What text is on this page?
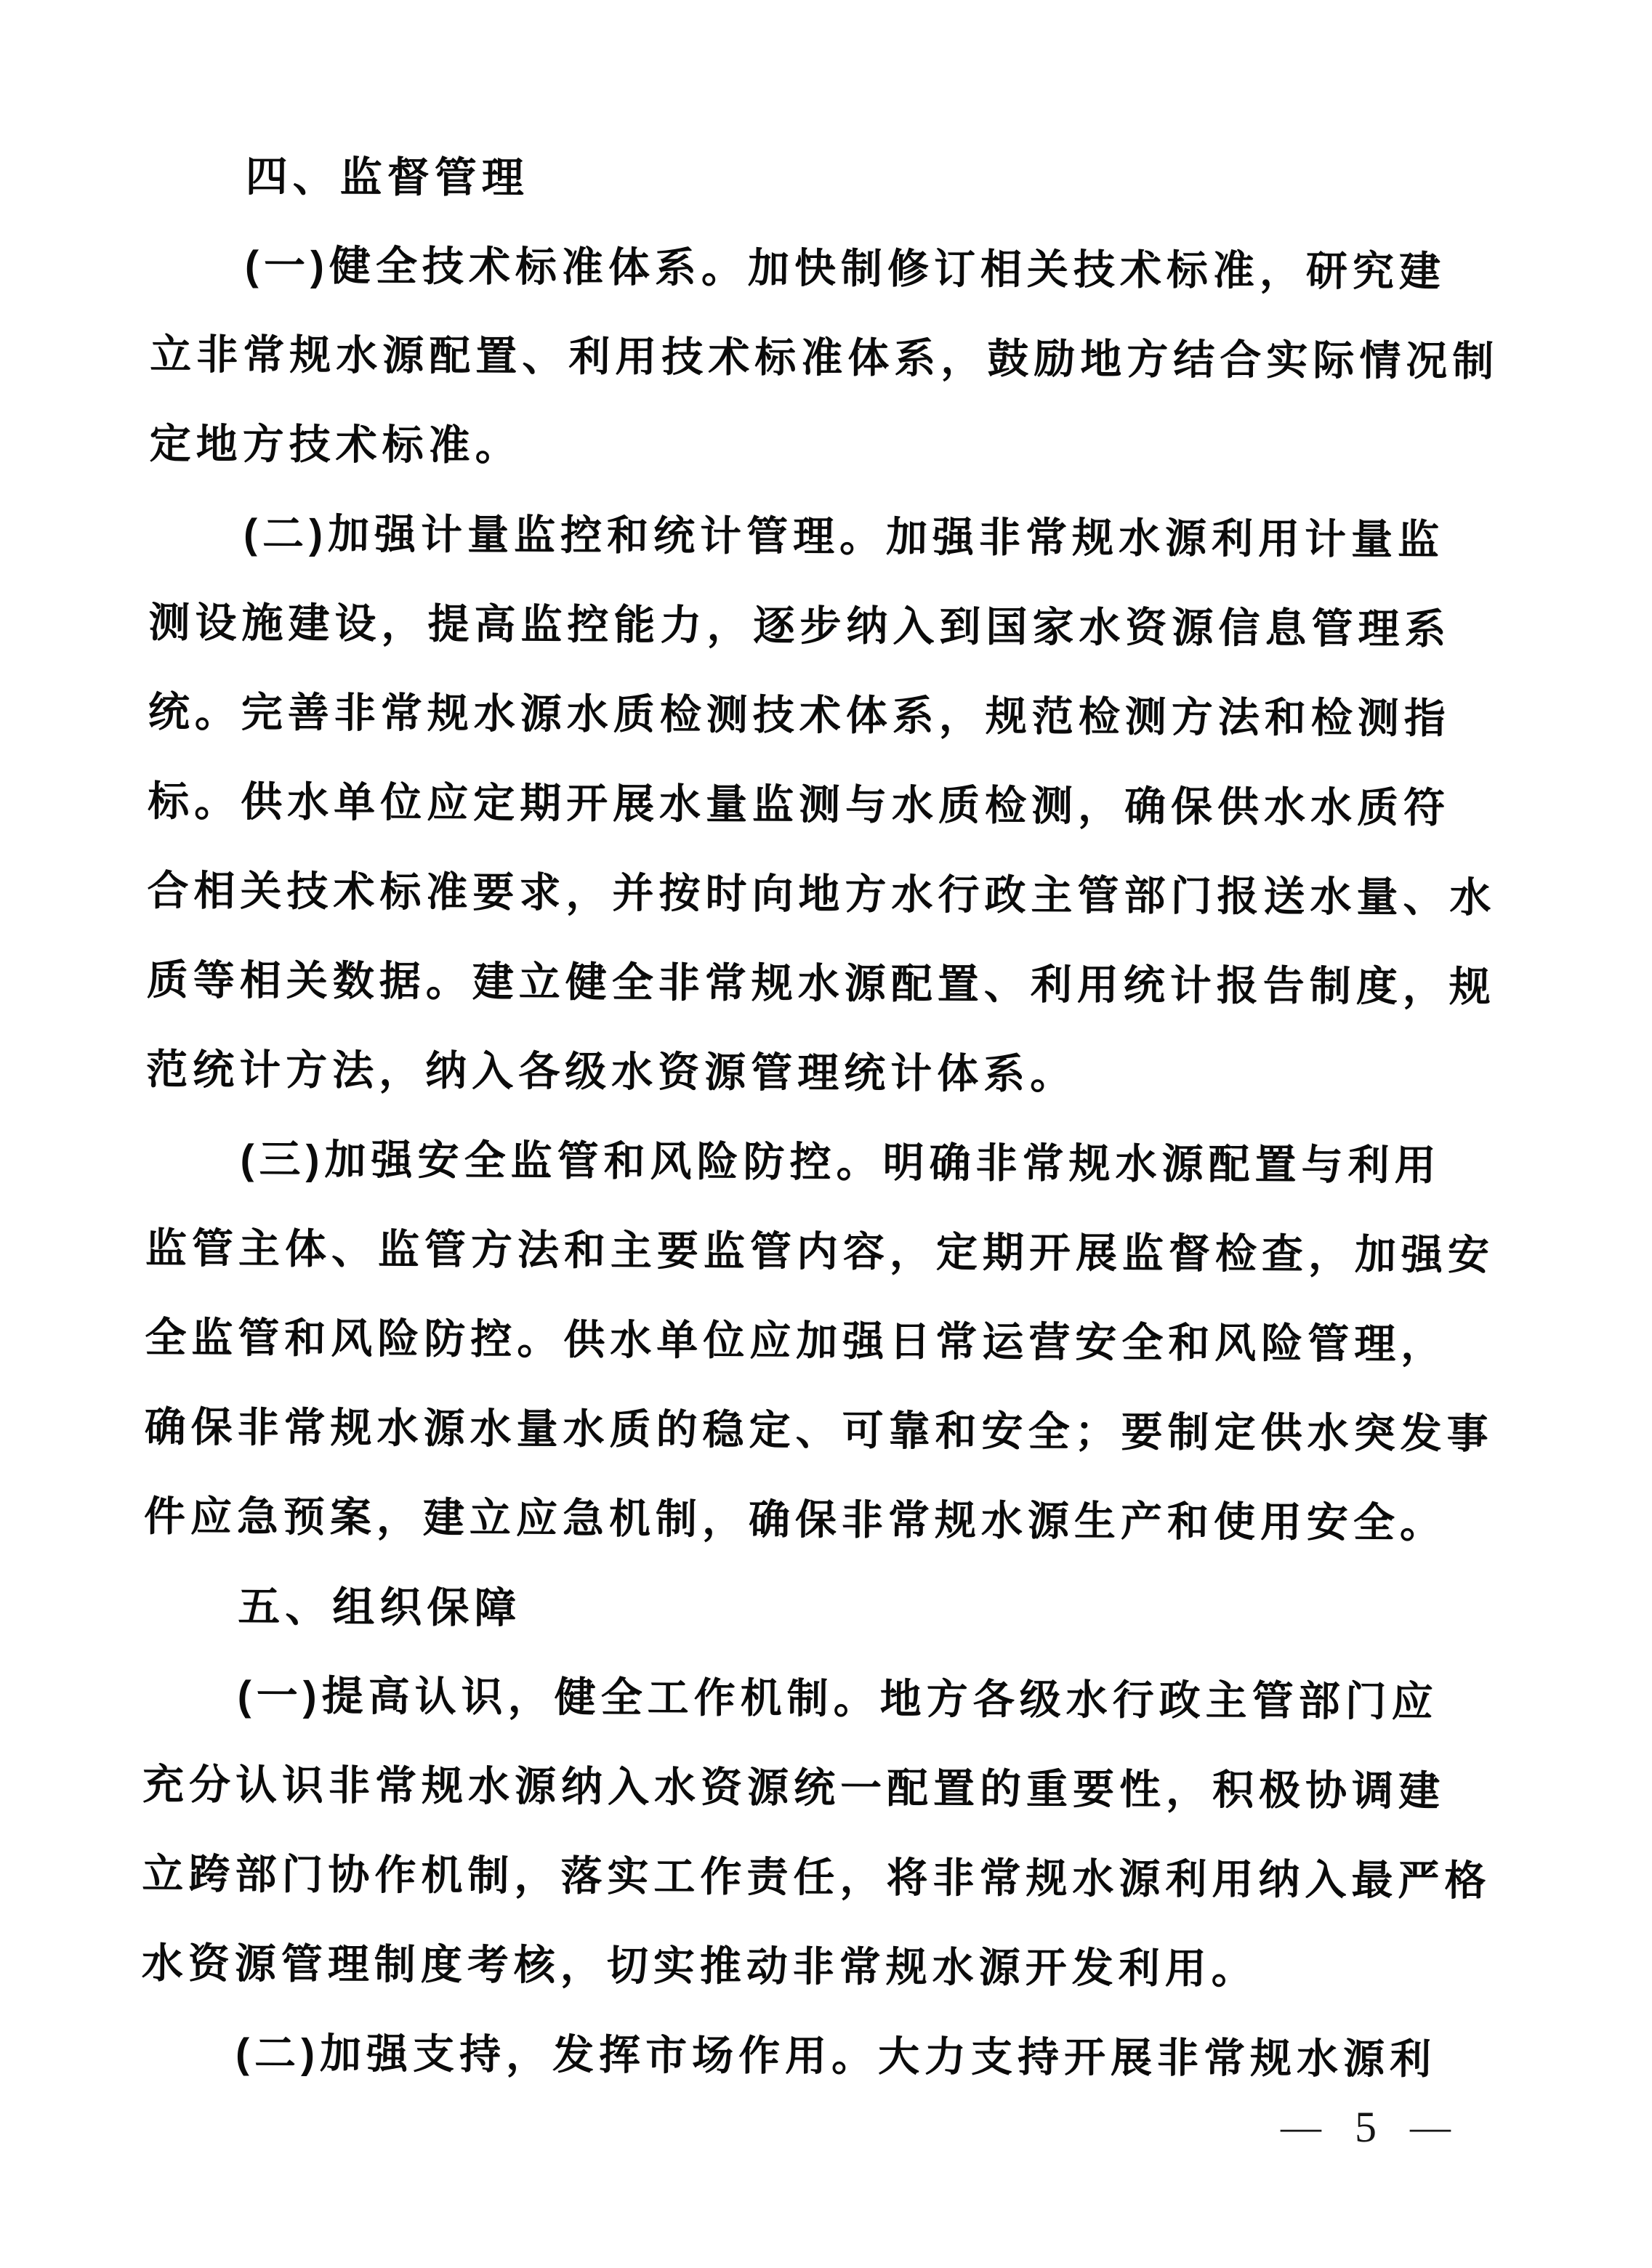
四、监督管理
(一)健全技术标准体系。加快制修订相关技术标准，研究建
立非常规水源配置、利用技术标准体系，鼓励地方结合实际情况制
定地方技术标准。
(二)加强计量监控和统计管理。加强非常规水源利用计量监
测设施建设，提高监控能力，逐步纳入到国家水资源信息管理系
统。完善非常规水源水质检测技术体系，规范检测方法和检测指
标。供水单位应定期开展水量监测与水质检测，确保供水水质符
合相关技术标准要求，并按时向地方水行政主管部门报送水量、水
质等相关数据。建立健全非常规水源配置、利用统计报告制度，规
范统计方法，纳入各级水资源管理统计体系。
(三)加强安全监管和风险防控。明确非常规水源配置与利用
监管主体、监管方法和主要监管内容，定期开展监督检查，加强安
全监管和风险防控。供水单位应加强日常运营安全和风险管理，
确保非常规水源水量水质的稳定、可靠和安全；要制定供水突发事
件应急预案，建立应急机制，确保非常规水源生产和使用安全。
五、组织保障
(一)提高认识，健全工作机制。地方各级水行政主管部门应
充分认识非常规水源纳入水资源统一配置的重要性，积极协调建
立跨部门协作机制，落实工作责任，将非常规水源利用纳入最严格
水资源管理制度考核，切实推动非常规水源开发利用。
(二)加强支持，发挥市场作用。大力支持开展非常规水源利
— 5 —
